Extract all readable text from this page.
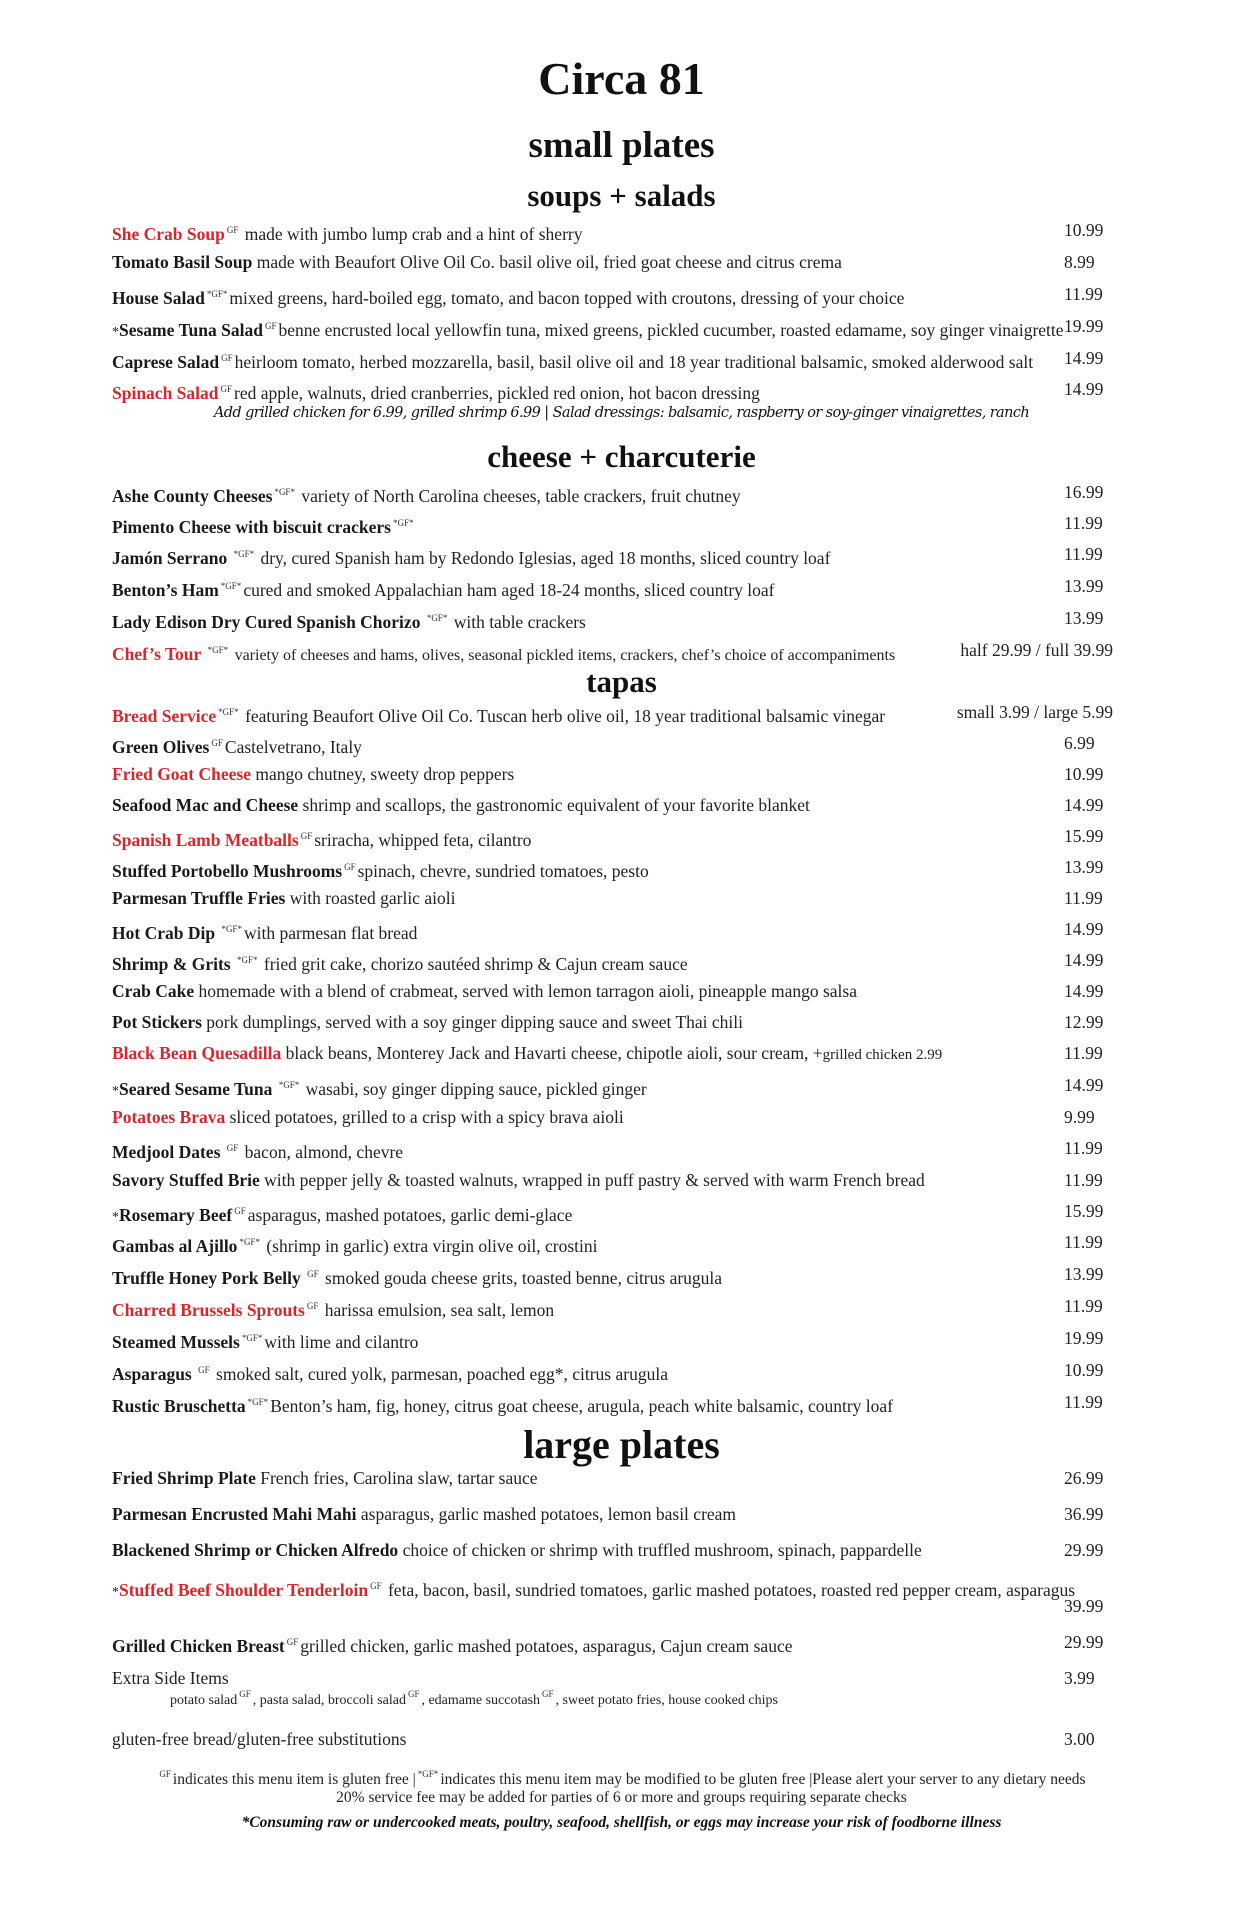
Circa 81
small plates
soups + salads
She Crab Soup $^{GF}$ made with jumbo lump crab and a hint of sherry	10.99
Tomato Basil Soup made with Beaufort Olive Oil Co. basil olive oil, fried goat cheese and citrus crema	8.99
House Salad $^{*GF*}$ mixed greens, hard-boiled egg, tomato, and bacon topped with croutons, dressing of your choice	11.99
*Sesame Tuna Salad $^{GF}$ benne encrusted local yellowfin tuna, mixed greens, pickled cucumber, roasted edamame, soy ginger vinaigrette 19.99
Caprese Salad $^{GF}$ heirloom tomato, herbed mozzarella, basil, basil olive oil and 18 year traditional balsamic, smoked alderwood salt 14.99
Spinach Salad $^{GF}$ red apple, walnuts, dried cranberries, pickled red onion, hot bacon dressing	14.99
Add grilled chicken for 6.99, grilled shrimp 6.99 | Salad dressings: balsamic, raspberry or soy-ginger vinaigrettes, ranch
cheese + charcuterie
Ashe County Cheeses $^{*GF*}$ variety of North Carolina cheeses, table crackers, fruit chutney	16.99
Pimento Cheese with biscuit crackers $^{*GF*}$	11.99
Jamón Serrano $^{*GF*}$ dry, cured Spanish ham by Redondo Iglesias, aged 18 months, sliced country loaf	11.99
Benton’s Ham $^{*GF*}$ cured and smoked Appalachian ham aged 18-24 months, sliced country loaf	13.99
Lady Edison Dry Cured Spanish Chorizo $^{*GF*}$ with table crackers	13.99
Chef’s Tour $^{*GF*}$ variety of cheeses and hams, olives, seasonal pickled items, crackers, chef’s choice of accompaniments	half 29.99 / full 39.99
tapas
Bread Service $^{*GF*}$ featuring Beaufort Olive Oil Co. Tuscan herb olive oil, 18 year traditional balsamic vinegar	small 3.99 / large 5.99
Green Olives $^{GF}$ Castelvetrano, Italy	6.99
Fried Goat Cheese mango chutney, sweety drop peppers	10.99
Seafood Mac and Cheese shrimp and scallops, the gastronomic equivalent of your favorite blanket	14.99
Spanish Lamb Meatballs $^{GF}$ sriracha, whipped feta, cilantro	15.99
Stuffed Portobello Mushrooms $^{GF}$ spinach, chevre, sundried tomatoes, pesto	13.99
Parmesan Truffle Fries with roasted garlic aioli	11.99
Hot Crab Dip $^{*GF*}$ with parmesan flat bread	14.99
Shrimp & Grits $^{*GF*}$ fried grit cake, chorizo sautéed shrimp & Cajun cream sauce	14.99
Crab Cake homemade with a blend of crabmeat, served with lemon tarragon aioli, pineapple mango salsa	14.99
Pot Stickers pork dumplings, served with a soy ginger dipping sauce and sweet Thai chili	12.99
Black Bean Quesadilla black beans, Monterey Jack and Havarti cheese, chipotle aioli, sour cream, +grilled chicken 2.99	11.99
*Seared Sesame Tuna $^{*GF*}$ wasabi, soy ginger dipping sauce, pickled ginger	14.99
Potatoes Brava sliced potatoes, grilled to a crisp with a spicy brava aioli	9.99
Medjool Dates $^{GF}$ bacon, almond, chevre	11.99
Savory Stuffed Brie with pepper jelly & toasted walnuts, wrapped in puff pastry & served with warm French bread	11.99
*Rosemary Beef $^{GF}$ asparagus, mashed potatoes, garlic demi-glace	15.99
Gambas al Ajillo $^{*GF*}$ (shrimp in garlic) extra virgin olive oil, crostini	11.99
Truffle Honey Pork Belly $^{GF}$ smoked gouda cheese grits, toasted benne, citrus arugula	13.99
Charred Brussels Sprouts $^{GF}$ harissa emulsion, sea salt, lemon	11.99
Steamed Mussels $^{*GF*}$ with lime and cilantro	19.99
Asparagus $^{GF}$ smoked salt, cured yolk, parmesan, poached egg*, citrus arugula	10.99
Rustic Bruschetta $^{*GF*}$ Benton’s ham, fig, honey, citrus goat cheese, arugula, peach white balsamic, country loaf	11.99
large plates
Fried Shrimp Plate French fries, Carolina slaw, tartar sauce	26.99
Parmesan Encrusted Mahi Mahi asparagus, garlic mashed potatoes, lemon basil cream	36.99
Blackened Shrimp or Chicken Alfredo choice of chicken or shrimp with truffled mushroom, spinach, pappardelle	29.99
*Stuffed Beef Shoulder Tenderloin $^{GF}$ feta, bacon, basil, sundried tomatoes, garlic mashed potatoes, roasted red pepper cream, asparagus
39.99
Grilled Chicken Breast $^{GF}$ grilled chicken, garlic mashed potatoes, asparagus, Cajun cream sauce	29.99
Extra Side Items	3.99
potato salad $^{GF}$ , pasta salad, broccoli salad $^{GF}$ , edamame succotash $^{GF}$ , sweet potato fries, house cooked chips
gluten-free bread/gluten-free substitutions	3.00
$^{GF}$ indicates this menu item is gluten free | $^{*GF*}$ indicates this menu item may be modified to be gluten free |Please alert your server to any dietary needs
20% service fee may be added for parties of 6 or more and groups requiring separate checks
*Consuming raw or undercooked meats, poultry, seafood, shellfish, or eggs may increase your risk of foodborne illness
